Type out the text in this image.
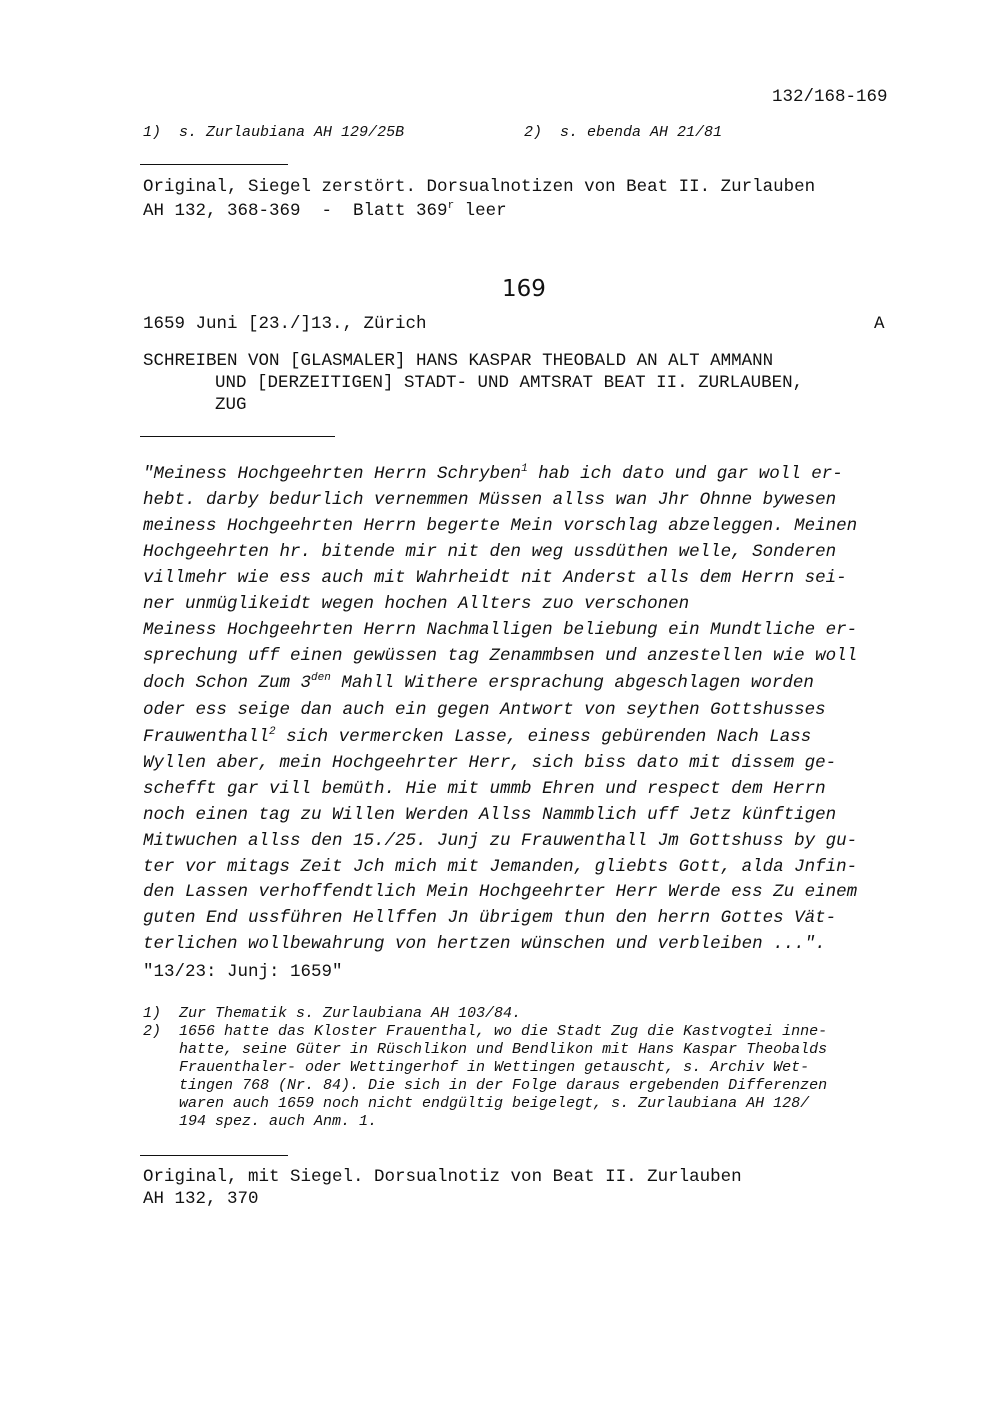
132/168-169
1) s. Zurlaubiana AH 129/25B	2) s. ebenda AH 21/81
Original, Siegel zerstört. Dorsualnotizen von Beat II. Zurlauben
AH 132, 368-369  -  Blatt 369$^r$ leer
169
1659 Juni [23./]13., Zürich	A
SCHREIBEN VON [GLASMALER] HANS KASPAR THEOBALD AN ALT AMMANN
UND [DERZEITIGEN] STADT- UND AMTSRAT BEAT II. ZURLAUBEN,
ZUG
"Meiness Hochgeehrten Herrn Schryben$^1$ hab ich dato und gar woll er-
hebt. darby bedurlich vernemmen Müssen allss wan Jhr Ohnne bywesen
meiness Hochgeehrten Herrn begerte Mein vorschlag abzeleggen. Meinen
Hochgeehrten hr. bitende mir nit den weg ussdüthen welle, Sonderen
villmehr wie ess auch mit Wahrheidt nit Anderst alls dem Herrn sei-
ner unmüglikeidt wegen hochen Allters zuo verschonen
Meiness Hochgeehrten Herrn Nachmalligen beliebung ein Mundtliche er-
sprechung uff einen gewüssen tag Zenammbsen und anzestellen wie woll
doch Schon Zum $3^{den}$ Mahll Withere ersprachung abgeschlagen worden
oder ess seige dan auch ein gegen Antwort von seythen Gottshusses
Frauwenthall$^2$ sich vermercken Lasse, einess gebürenden Nach Lass
Wyllen aber, mein Hochgeehrter Herr, sich biss dato mit dissem ge-
schefft gar vill bemüth. Hie mit ummb Ehren und respect dem Herrn
noch einen tag zu Willen Werden Allss Nammblich uff Jetz künftigen
Mitwuchen allss den 15./25. Junj zu Frauwenthall Jm Gottshuss by gu-
ter vor mitags Zeit Jch mich mit Jemanden, gliebts Gott, alda Jnfin-
den Lassen verhoffendtlich Mein Hochgeehrter Herr Werde ess Zu einem
guten End ussführen Hellffen Jn übrigem thun den herrn Gottes Vät-
terlichen wollbewahrung von hertzen wünschen und verbleiben ...".
"13/23: Junj: 1659"
1) Zur Thematik s. Zurlaubiana AH 103/84.
2) 1656 hatte das Kloster Frauenthal, wo die Stadt Zug die Kastvogtei inne-
hatte, seine Güter in Rüschlikon und Bendlikon mit Hans Kaspar Theobalds
Frauenthaler- oder Wettingerhof in Wettingen getauscht, s. Archiv Wet-
tingen 768 (Nr. 84). Die sich in der Folge daraus ergebenden Differenzen
waren auch 1659 noch nicht endgültig beigelegt, s. Zurlaubiana AH 128/
194 spez. auch Anm. 1.
Original, mit Siegel. Dorsualnotiz von Beat II. Zurlauben
AH 132, 370
